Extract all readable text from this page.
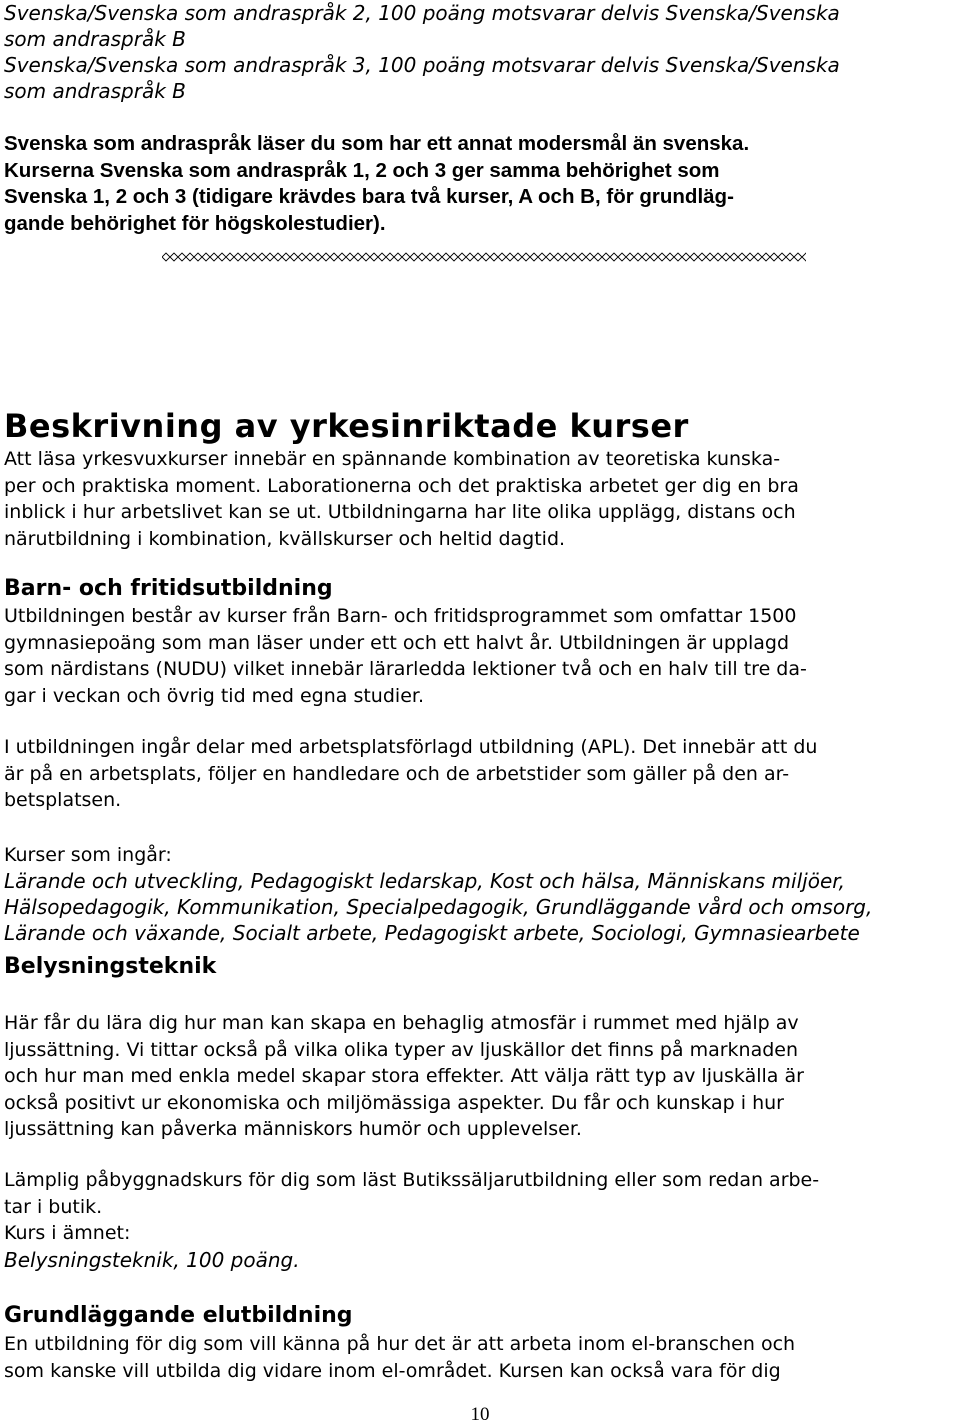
Svenska/Svenska som andraspråk 2, 100 poäng motsvarar delvis Svenska/Svenska
som andraspråk B
Svenska/Svenska som andraspråk 3, 100 poäng motsvarar delvis Svenska/Svenska
som andraspråk B
Svenska som andraspråk läser du som har ett annat modersmål än svenska.
Kurserna Svenska som andraspråk 1, 2 och 3 ger samma behörighet som
Svenska 1, 2 och 3 (tidigare krävdes bara två kurser, A och B, för grundläg-
gande behörighet för högskolestudier).
Beskrivning av yrkesinriktade kurser
Att läsa yrkesvuxkurser innebär en spännande kombination av teoretiska kunska-
per och praktiska moment. Laborationerna och det praktiska arbetet ger dig en bra
inblick i hur arbetslivet kan se ut. Utbildningarna har lite olika upplägg, distans och
närutbildning i kombination, kvällskurser och heltid dagtid.
Barn- och fritidsutbildning
Utbildningen består av kurser från Barn- och fritidsprogrammet som omfattar 1500
gymnasiepoäng som man läser under ett och ett halvt år. Utbildningen är upplagd
som närdistans (NUDU) vilket innebär lärarledda lektioner två och en halv till tre da-
gar i veckan och övrig tid med egna studier.
I utbildningen ingår delar med arbetsplatsförlagd utbildning (APL). Det innebär att du
är på en arbetsplats, följer en handledare och de arbetstider som gäller på den ar-
betsplatsen.
Kurser som ingår:
Lärande och utveckling, Pedagogiskt ledarskap, Kost och hälsa, Människans miljöer,
Hälsopedagogik, Kommunikation, Specialpedagogik, Grundläggande vård och omsorg,
Lärande och växande, Socialt arbete, Pedagogiskt arbete, Sociologi, Gymnasiearbete
Belysningsteknik
Här får du lära dig hur man kan skapa en behaglig atmosfär i rummet med hjälp av
ljussättning. Vi tittar också på vilka olika typer av ljuskällor det finns på marknaden
och hur man med enkla medel skapar stora effekter. Att välja rätt typ av ljuskälla är
också positivt ur ekonomiska och miljömässiga aspekter. Du får och kunskap i hur
ljussättning kan påverka människors humör och upplevelser.
Lämplig påbyggnadskurs för dig som läst Butikssäljarutbildning eller som redan arbe-
tar i butik.
Kurs i ämnet:
Belysningsteknik, 100 poäng.
Grundläggande elutbildning
En utbildning för dig som vill känna på hur det är att arbeta inom el-branschen och
som kanske vill utbilda dig vidare inom el-området. Kursen kan också vara för dig
10
